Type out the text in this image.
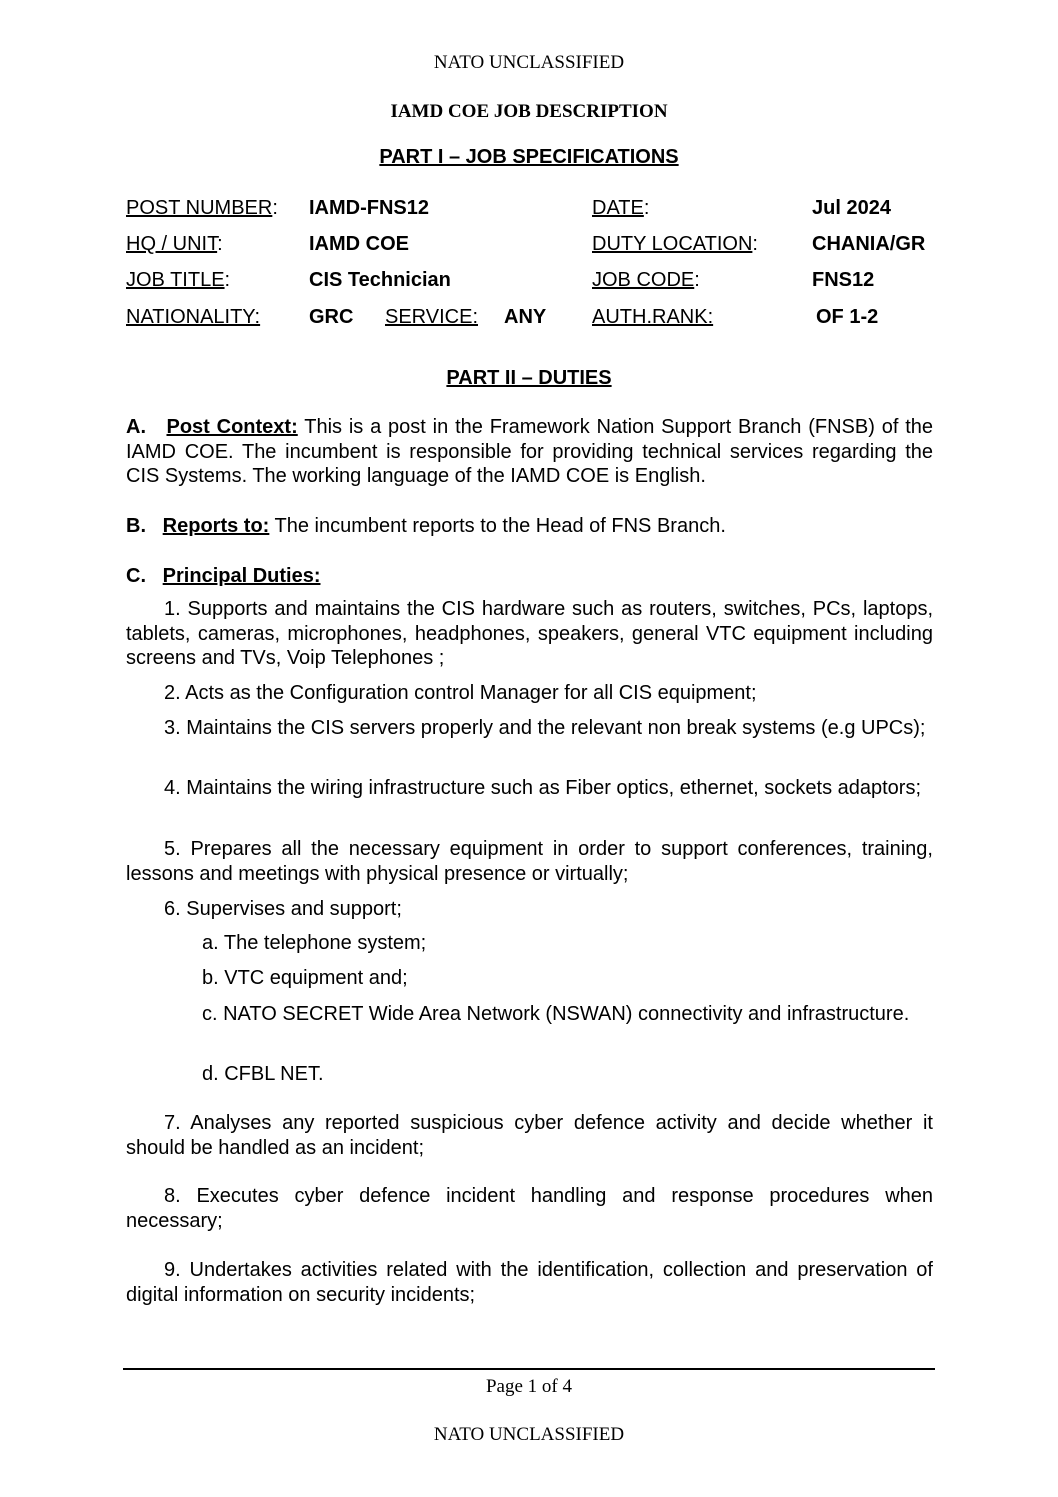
NATO UNCLASSIFIED
IAMD COE JOB DESCRIPTION
PART I – JOB SPECIFICATIONS
POST NUMBER: IAMD-FNS12	DATE:	Jul 2024
HQ / UNIT:	IAMD COE	DUTY LOCATION:	CHANIA/GR
JOB TITLE:	CIS Technician	JOB CODE:	FNS12
NATIONALITY: GRC SERVICE: ANY AUTH.RANK:	OF 1-2
PART II – DUTIES
A. Post Context: This is a post in the Framework Nation Support Branch (FNSB) of the IAMD COE. The incumbent is responsible for providing technical services regarding the CIS Systems. The working language of the IAMD COE is English.
B. Reports to: The incumbent reports to the Head of FNS Branch.
C. Principal Duties:
1. Supports and maintains the CIS hardware such as routers, switches, PCs, laptops, tablets, cameras, microphones, headphones, speakers, general VTC equipment including screens and TVs, Voip Telephones ;
2. Acts as the Configuration control Manager for all CIS equipment;
3. Maintains the CIS servers properly and the relevant non break systems (e.g UPCs);
4. Maintains the wiring infrastructure such as Fiber optics, ethernet, sockets adaptors;
5. Prepares all the necessary equipment in order to support conferences, training, lessons and meetings with physical presence or virtually;
6. Supervises and support;
a. The telephone system;
b. VTC equipment and;
c. NATO SECRET Wide Area Network (NSWAN) connectivity and infrastructure.
d. CFBL NET.
7. Analyses any reported suspicious cyber defence activity and decide whether it should be handled as an incident;
8. Executes cyber defence incident handling and response procedures when necessary;
9. Undertakes activities related with the identification, collection and preservation of digital information on security incidents;
Page 1 of 4
NATO UNCLASSIFIED
